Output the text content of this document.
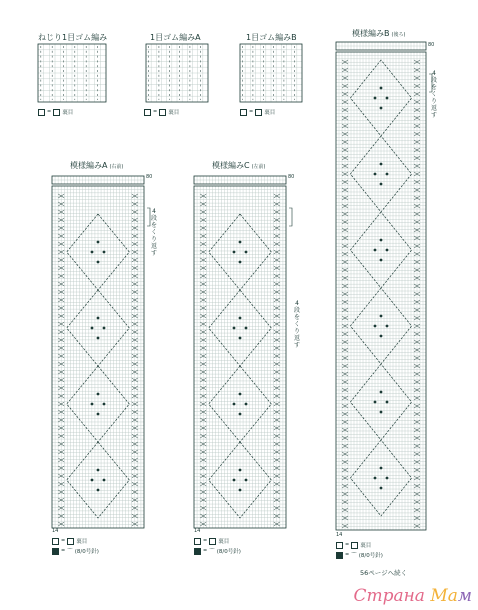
ねじり1目ゴム編み	1目ゴム編みA	1目ゴム編みB
= 裏目	= 裏目	= 裏目
模様編みA (右前)	模様編みC (左前)
模様編みB (後ろ)
80	80
80
4段をくり返す
4段をくり返す
4段をくり返す
14	14
14
= 裏目
= ⌒ (8/0号針)
= 裏目
= ⌒ (8/0号針)
= 裏目
= ⌒ (8/0号針)
56ページへ続く
Страна Мам
